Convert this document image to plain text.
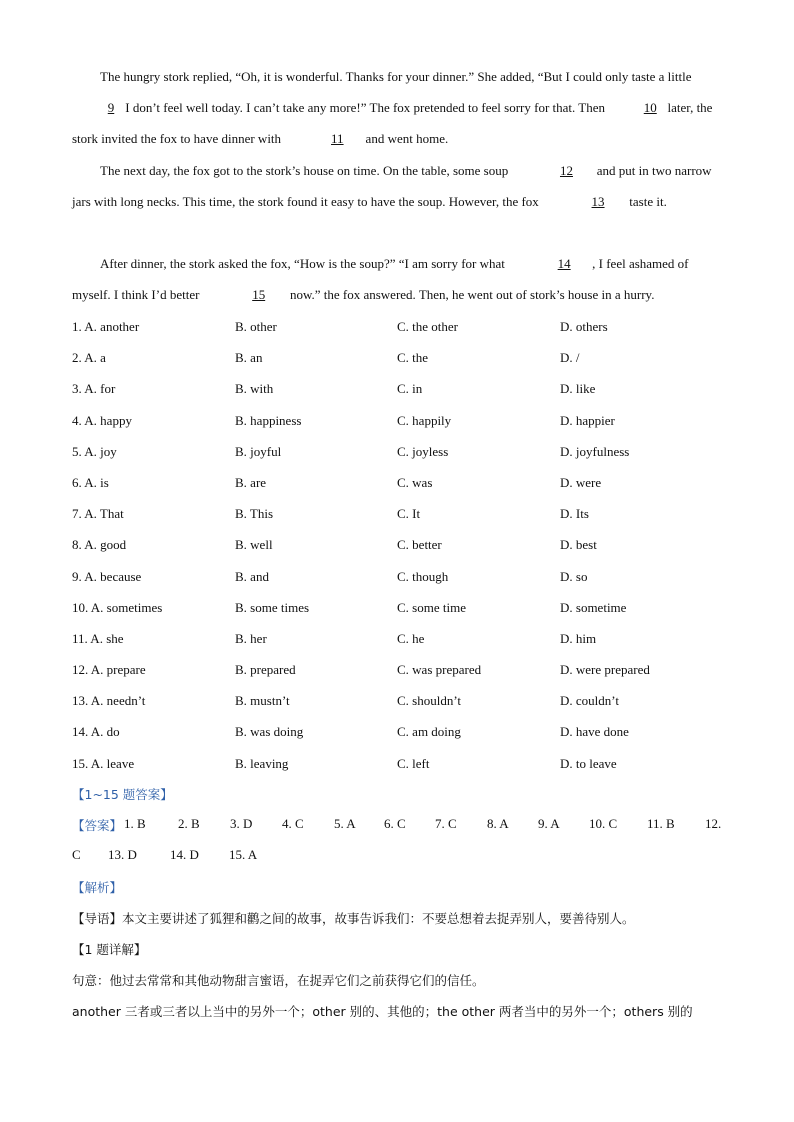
The hungry stork replied, “Oh, it is wonderful. Thanks for your dinner.” She added, “But I could only taste a little 9 I don’t feel well today. I can’t take any more!” The fox pretended to feel sorry for that. Then	10 later, the stork invited the fox to have dinner with	11 and went home.
The next day, the fox got to the stork’s house on time. On the table, some soup	12 and put in two narrow jars with long necks. This time, the stork found it easy to have the soup. However, the fox	13 taste it.
After dinner, the stork asked the fox, “How is the soup?” “I am sorry for what	14 , I feel ashamed of myself. I think I’d better	15 now.” the fox answered. Then, he went out of stork’s house in a hurry.
1. A. another	B. other	C. the other	D. others
2. A. a	B. an	C. the	D. /
3. A. for	B. with	C. in	D. like
4. A. happy	B. happiness	C. happily	D. happier
5. A. joy	B. joyful	C. joyless	D. joyfulness
6. A. is	B. are	C. was	D. were
7. A. That	B. This	C. It	D. Its
8. A. good	B. well	C. better	D. best
9. A. because	B. and	C. though	D. so
10. A. sometimes	B. some times	C. some time	D. sometime
11. A. she	B. her	C. he	D. him
12. A. prepare	B. prepared	C. was prepared	D. were prepared
13. A. needn’t	B. mustn’t	C. shouldn’t	D. couldn’t
14. A. do	B. was doing	C. am doing	D. have done
15. A. leave	B. leaving	C. left	D. to leave
【1~15 题答案】
【答案】 1. B 2. B 3. D 4. C 5. A 6. C 7. C 8. A 9. A 10. C 11. B 12.
C 13. D	14. D 15. A
【解析】
【导语】本文主要讲述了狐狸和鹳之间的故事，故事告诉我们：不要总想着去捉弄别人，要善待别人。
【1 题详解】
句意：他过去常常和其他动物甜言蜜语，在捉弄它们之前获得它们的信任。
another 三者或三者以上当中的另外一个；other 别的、其他的；the other 两者当中的另外一个；others 别的
